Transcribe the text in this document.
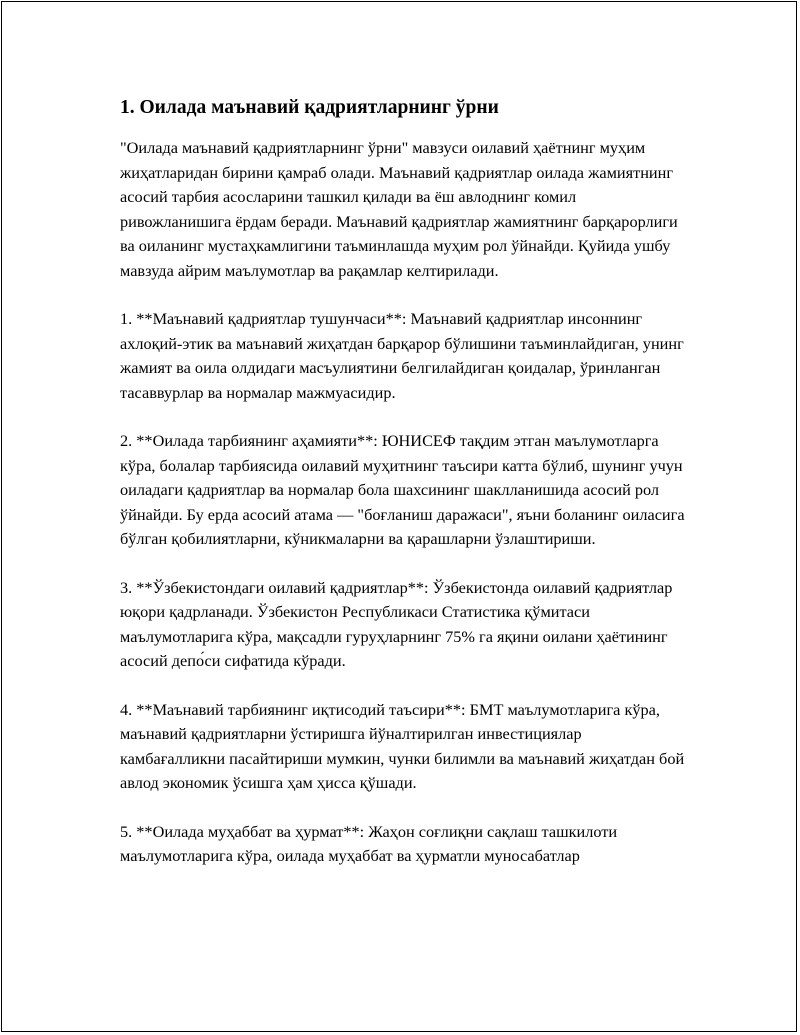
1. Оилада маънавий қадриятларнинг ўрни

"Оилада маънавий қадриятларнинг ўрни" мавзуси оилавий ҳаётнинг муҳим жиҳатларидан бирини қамраб олади. Маънавий қадриятлар оилада жамиятнинг асосий тарбия асосларини ташкил қилади ва ёш авлоднинг комил ривожланишига ёрдам беради. Маънавий қадриятлар жамиятнинг барқарорлиги ва оиланинг мустаҳкамлигини таъминлашда муҳим рол ўйнайди. Қуйида ушбу мавзуда айрим маълумотлар ва рақамлар келтирилади.

1. **Маънавий қадриятлар тушунчаси**: Маънавий қадриятлар инсоннинг ахлоқий-этик ва маънавий жиҳатдан барқарор бўлишини таъминлайдиган, унинг жамият ва оила олдидаги масъулиятини белгилайдиган қоидалар, ўринланган тасаввурлар ва нормалар мажмуасидир.

2. **Оилада тарбиянинг аҳамияти**: ЮНИСЕФ тақдим этган маълумотларга кўра, болалар тарбиясида оилавий муҳитнинг таъсири катта бўлиб, шунинг учун оиладаги қадриятлар ва нормалар бола шахсининг шаклланишида асосий рол ўйнайди. Бу ерда асосий атама — "боғланиш даражаси", яъни боланинг оиласига бўлган қобилиятларни, кўникмаларни ва қарашларни ўзлаштириши.

3. **Ўзбекистондаги оилавий қадриятлар**: Ўзбекистонда оилавий қадриятлар юқори қадрланади. Ўзбекистон Республикаси Статистика қўмитаси маълумотларига кўра, мақсадли гуруҳларнинг 75% га яқини оилани ҳаётининг асосий депо́си сифатида кўради.

4. **Маънавий тарбиянинг иқтисодий таъсири**: БМТ маълумотларига кўра, маънавий қадриятларни ўстиришга йўналтирилган инвестициялар камбағалликни пасайтириши мумкин, чунки билимли ва маънавий жиҳатдан бой авлод экономик ўсишга ҳам ҳисса қўшади.

5. **Оилада муҳаббат ва ҳурмат**: Жаҳон соғлиқни сақлаш ташкилоти маълумотларига кўра, оилада муҳаббат ва ҳурматли муносабатлар
